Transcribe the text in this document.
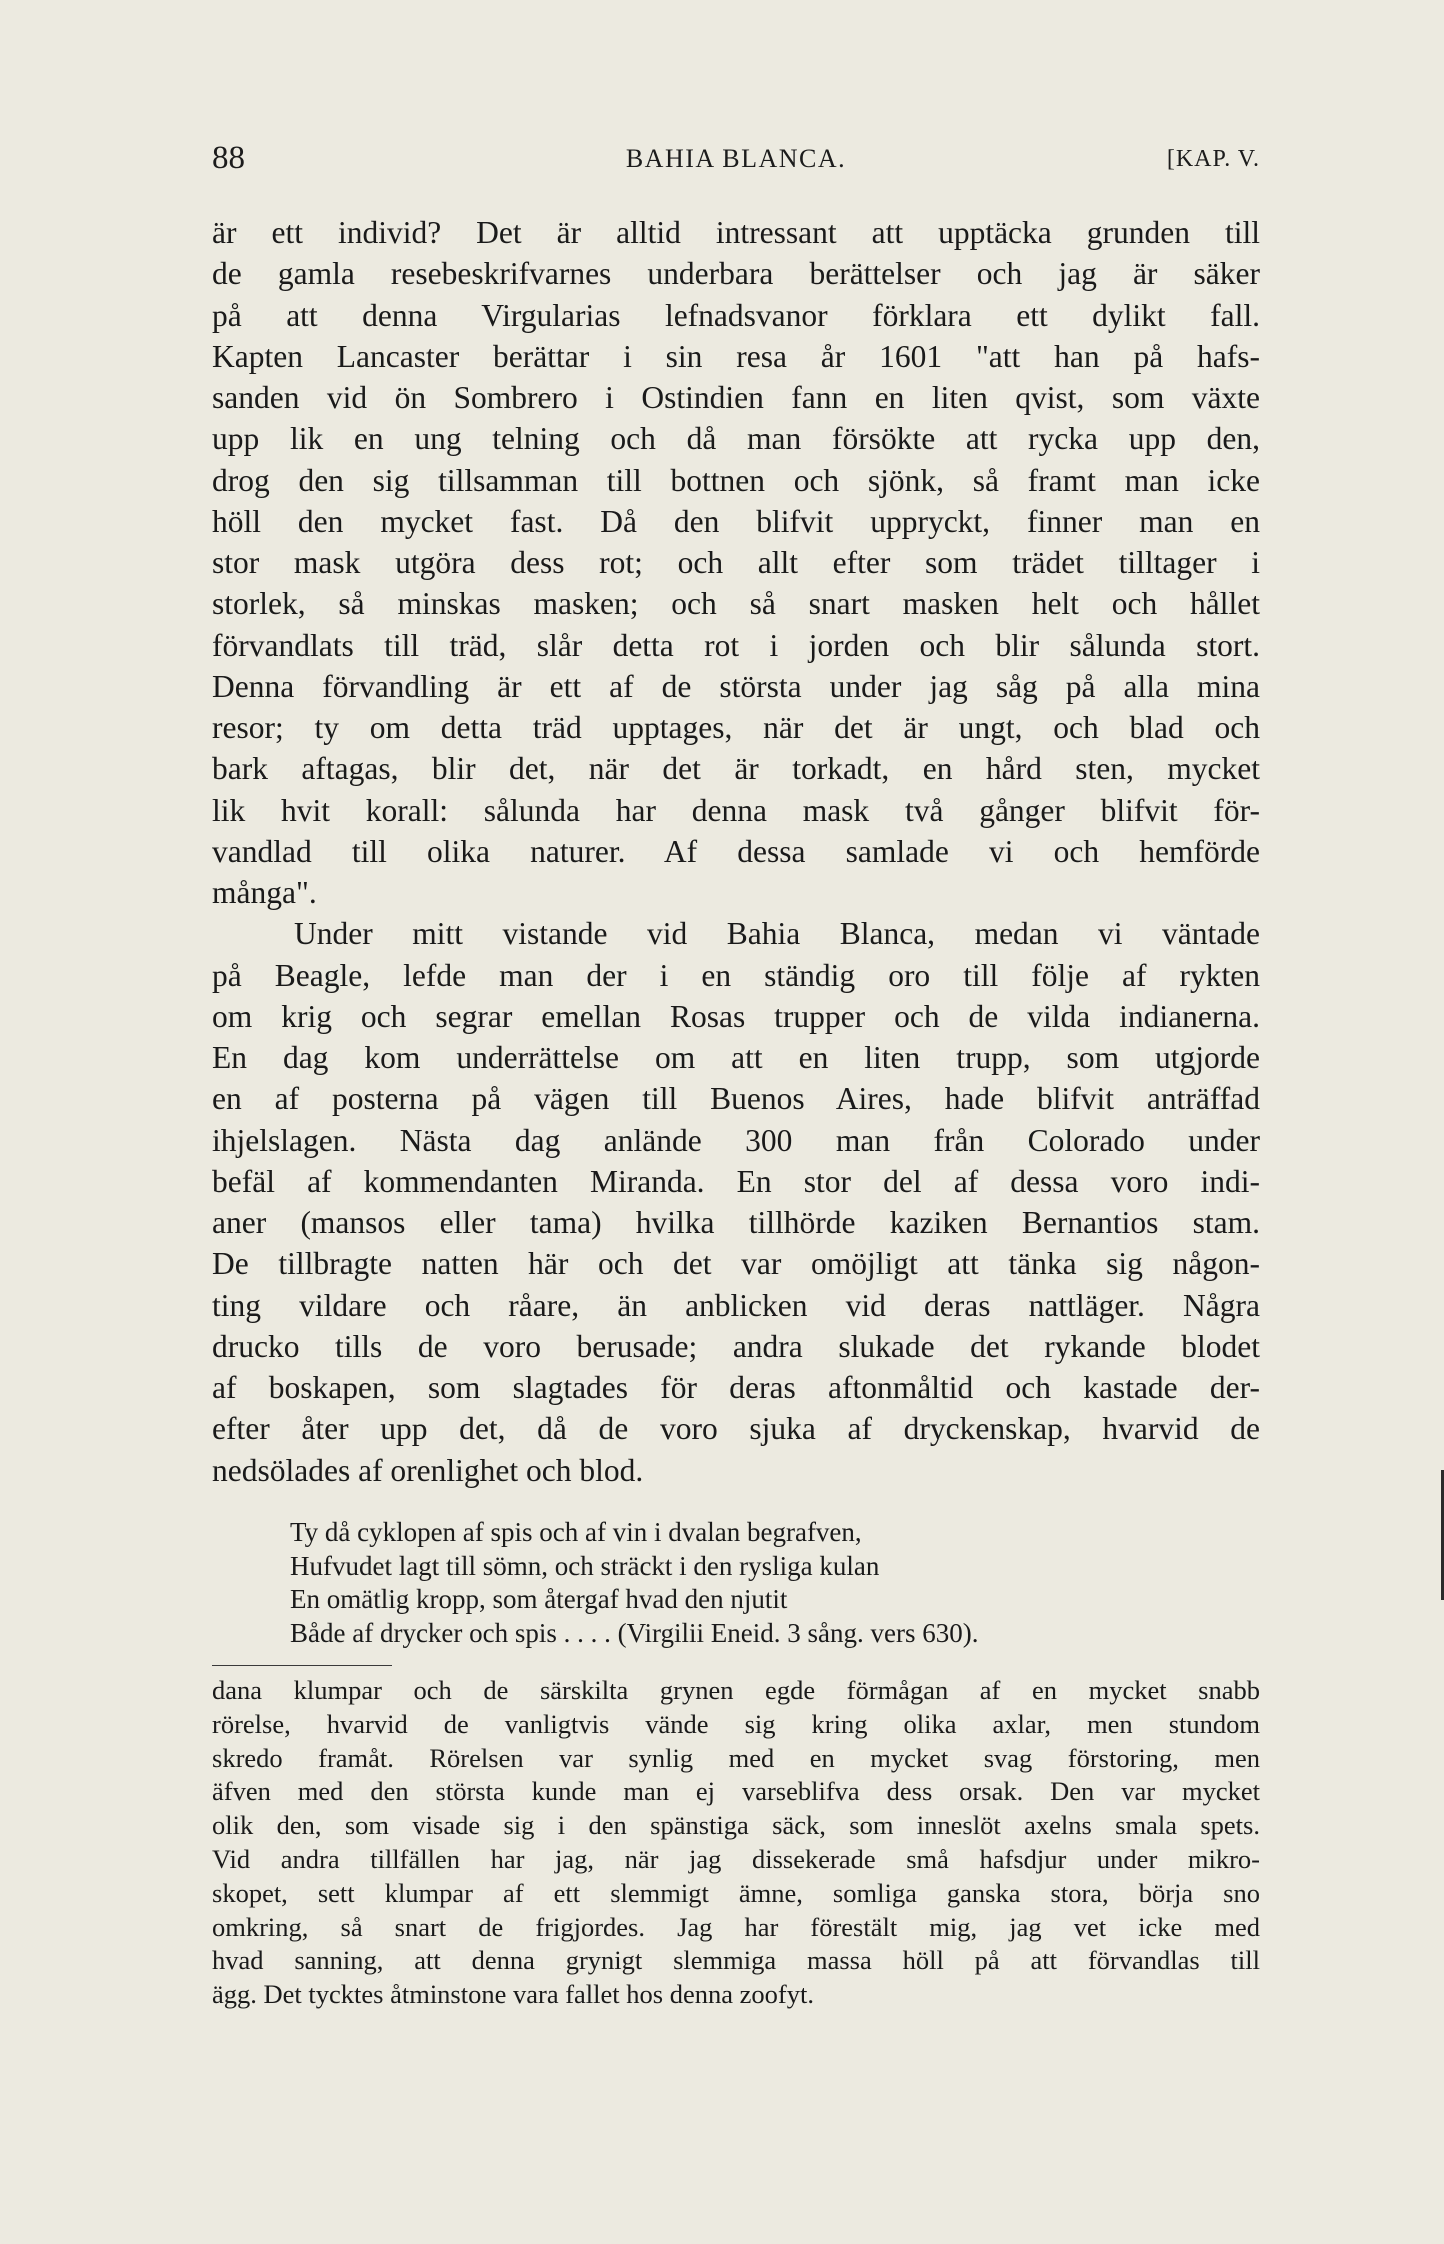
88	BAHIA BLANCA.	[KAP. V.
är ett individ? Det är alltid intressant att upptäcka grunden till
de gamla resebeskrifvarnes underbara berättelser och jag är säker
på att denna Virgularias lefnadsvanor förklara ett dylikt fall.
Kapten Lancaster berättar i sin resa år 1601 "att han på hafs-
sanden vid ön Sombrero i Ostindien fann en liten qvist, som växte
upp lik en ung telning och då man försökte att rycka upp den,
drog den sig tillsamman till bottnen och sjönk, så framt man icke
höll den mycket fast. Då den blifvit uppryckt, finner man en
stor mask utgöra dess rot; och allt efter som trädet tilltager i
storlek, så minskas masken; och så snart masken helt och hållet
förvandlats till träd, slår detta rot i jorden och blir sålunda stort.
Denna förvandling är ett af de största under jag såg på alla mina
resor; ty om detta träd upptages, när det är ungt, och blad och
bark aftagas, blir det, när det är torkadt, en hård sten, mycket
lik hvit korall: sålunda har denna mask två gånger blifvit för-
vandlad till olika naturer. Af dessa samlade vi och hemförde
många".
Under mitt vistande vid Bahia Blanca, medan vi väntade
på Beagle, lefde man der i en ständig oro till följe af rykten
om krig och segrar emellan Rosas trupper och de vilda indianerna.
En dag kom underrättelse om att en liten trupp, som utgjorde
en af posterna på vägen till Buenos Aires, hade blifvit anträffad
ihjelslagen. Nästa dag anlände 300 man från Colorado under
befäl af kommendanten Miranda. En stor del af dessa voro indi-
aner (mansos eller tama) hvilka tillhörde kaziken Bernantios stam.
De tillbragte natten här och det var omöjligt att tänka sig någon-
ting vildare och råare, än anblicken vid deras nattläger. Några
drucko tills de voro berusade; andra slukade det rykande blodet
af boskapen, som slagtades för deras aftonmåltid och kastade der-
efter åter upp det, då de voro sjuka af dryckenskap, hvarvid de
nedsölades af orenlighet och blod.
Ty då cyklopen af spis och af vin i dvalan begrafven,
Hufvudet lagt till sömn, och sträckt i den rysliga kulan
En omätlig kropp, som återgaf hvad den njutit
Både af drycker och spis . . . . (Virgilii Eneid. 3 sång. vers 630).
dana klumpar och de särskilta grynen egde förmågan af en mycket snabb
rörelse, hvarvid de vanligtvis vände sig kring olika axlar, men stundom
skredo framåt. Rörelsen var synlig med en mycket svag förstoring, men
äfven med den största kunde man ej varseblifva dess orsak. Den var mycket
olik den, som visade sig i den spänstiga säck, som inneslöt axelns smala spets.
Vid andra tillfällen har jag, när jag dissekerade små hafsdjur under mikro-
skopet, sett klumpar af ett slemmigt ämne, somliga ganska stora, börja sno
omkring, så snart de frigjordes. Jag har förestält mig, jag vet icke med
hvad sanning, att denna grynigt slemmiga massa höll på att förvandlas till
ägg. Det tycktes åtminstone vara fallet hos denna zoofyt.
